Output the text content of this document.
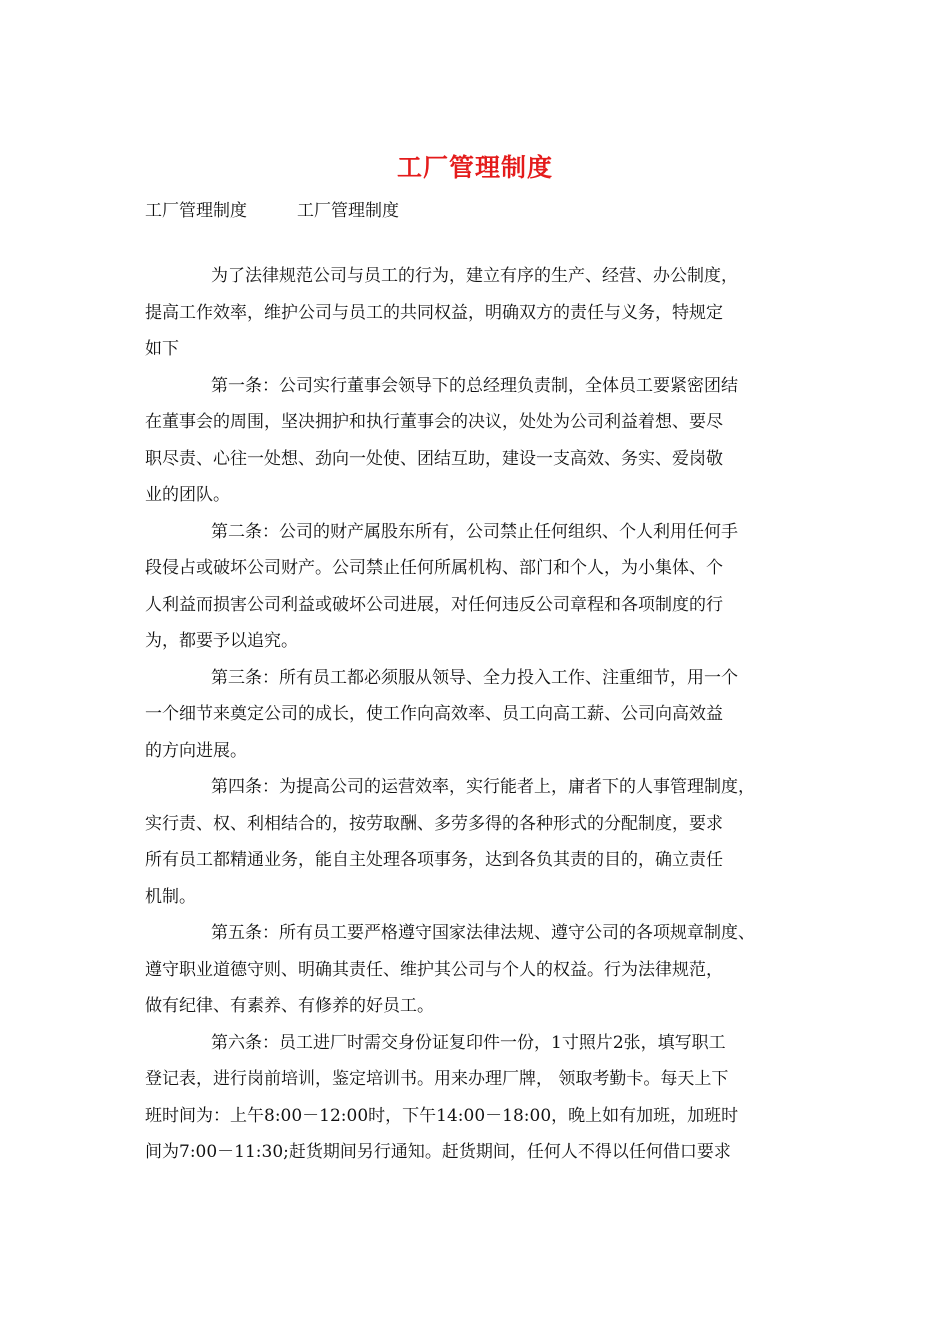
工厂管理制度
工厂管理制度	工厂管理制度
为了法律规范公司与员工的行为，建立有序的生产、经营、办公制度，
提高工作效率，维护公司与员工的共同权益，明确双方的责任与义务，特规定
如下
第一条：公司实行董事会领导下的总经理负责制，全体员工要紧密团结
在董事会的周围，坚决拥护和执行董事会的决议，处处为公司利益着想、要尽
职尽责、心往一处想、劲向一处使、团结互助，建设一支高效、务实、爱岗敬
业的团队。
第二条：公司的财产属股东所有，公司禁止任何组织、个人利用任何手
段侵占或破坏公司财产。公司禁止任何所属机构、部门和个人，为小集体、个
人利益而损害公司利益或破坏公司进展，对任何违反公司章程和各项制度的行
为，都要予以追究。
第三条：所有员工都必须服从领导、全力投入工作、注重细节，用一个
一个细节来奠定公司的成长，使工作向高效率、员工向高工薪、公司向高效益
的方向进展。
第四条：为提高公司的运营效率，实行能者上，庸者下的人事管理制度，
实行责、权、利相结合的，按劳取酬、多劳多得的各种形式的分配制度，要求
所有员工都精通业务，能自主处理各项事务，达到各负其责的目的，确立责任
机制。
第五条：所有员工要严格遵守国家法律法规、遵守公司的各项规章制度、
遵守职业道德守则、明确其责任、维护其公司与个人的权益。行为法律规范，
做有纪律、有素养、有修养的好员工。
第六条：员工进厂时需交身份证复印件一份，1寸照片2张，填写职工
登记表，进行岗前培训，鉴定培训书。用来办理厂牌， 领取考勤卡。每天上下
班时间为：上午8:00－12:00时，下午14:00－18:00，晚上如有加班，加班时
间为7:00－11:30;赶货期间另行通知。赶货期间，任何人不得以任何借口要求
